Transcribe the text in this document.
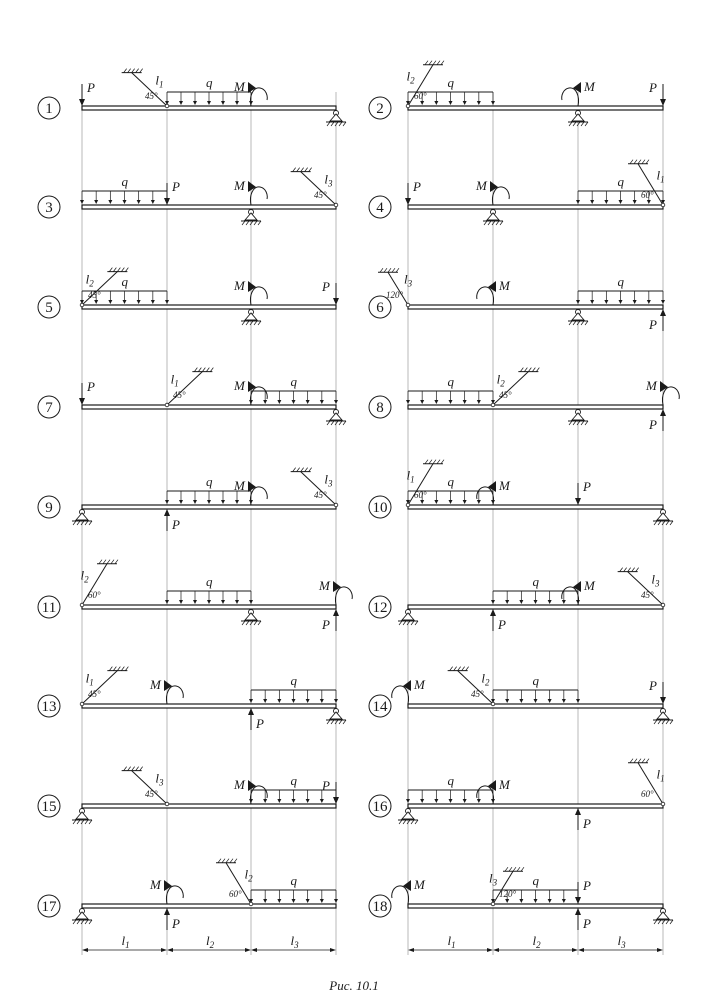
1
q
P	M
$l_1$
45°
2
q	P
M
$l_2$
60°
3
q	P	M	$l_3$
45°
4
q
P	M
$l_1$
60°
5
q	P
M
$l_2$
45°
6
q
P
M
$l_3$
120°
7
q
P	M
$l_1$
45°
8
q
P
M
$l_2$
45°
9
q
P
M	$l_3$
45°
10
q	P
M
$l_1$
60°
11
q
P
M
$l_2$
60°
12
q
P
M	$l_3$
45°
13
q
P
M
$l_1$
45°
14
q	P
M	$l_2$
45°
15
q P
M
$l_3$
45°
16
q
P
M
$l_1$
60°
17
q
P
M
$l_2$
60°
18
q	P
P
M	$l_3$
120°
$l_1$	$l_2$	$l_3$	$l_1$	$l_2$	$l_3$
Рис. 10.1
